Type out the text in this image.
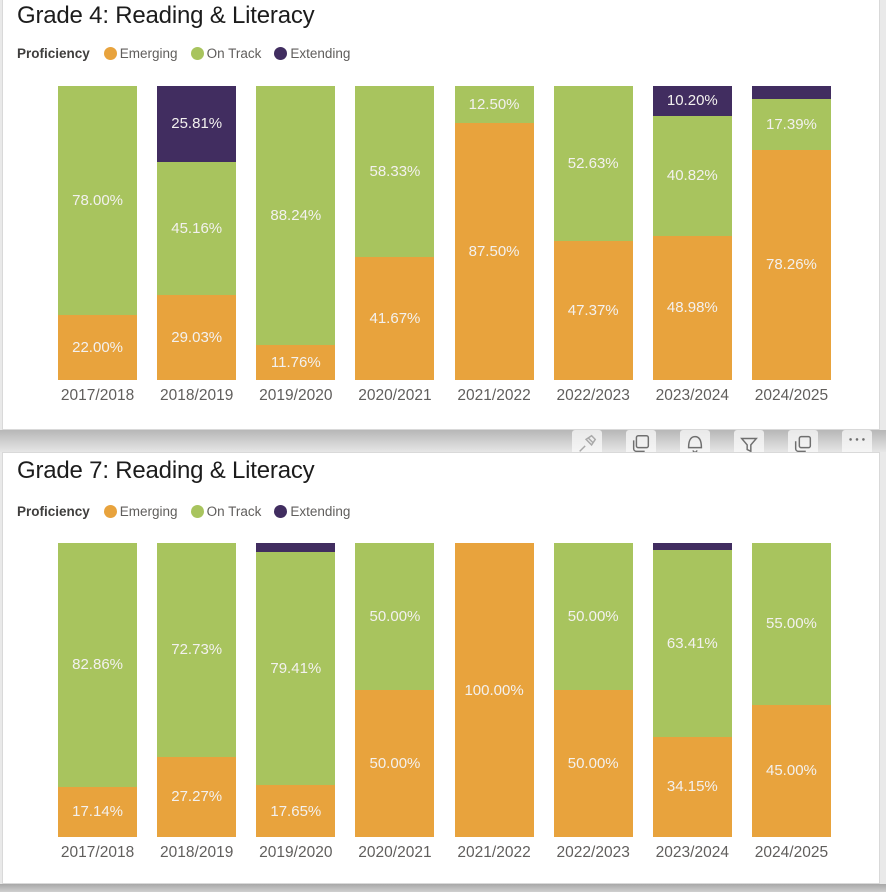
Grade 4: Reading & Literacy
Proficiency Emerging On Track Extending
78.00%
22.00%
2017/2018
25.81%
45.16%
29.03%
2018/2019
88.24%
11.76%
2019/2020
58.33%
41.67%
2020/2021
12.50%
87.50%
2021/2022
52.63%
47.37%
2022/2023
10.20%
40.82%
48.98%
2023/2024
17.39%
78.26%
2024/2025
Grade 7: Reading & Literacy
Proficiency Emerging On Track Extending
82.86%
17.14%
2017/2018
72.73%
27.27%
2018/2019
79.41%
17.65%
2019/2020
50.00%
50.00%
2020/2021
100.00%
2021/2022
50.00%
50.00%
2022/2023
63.41%
34.15%
2023/2024
55.00%
45.00%
2024/2025
